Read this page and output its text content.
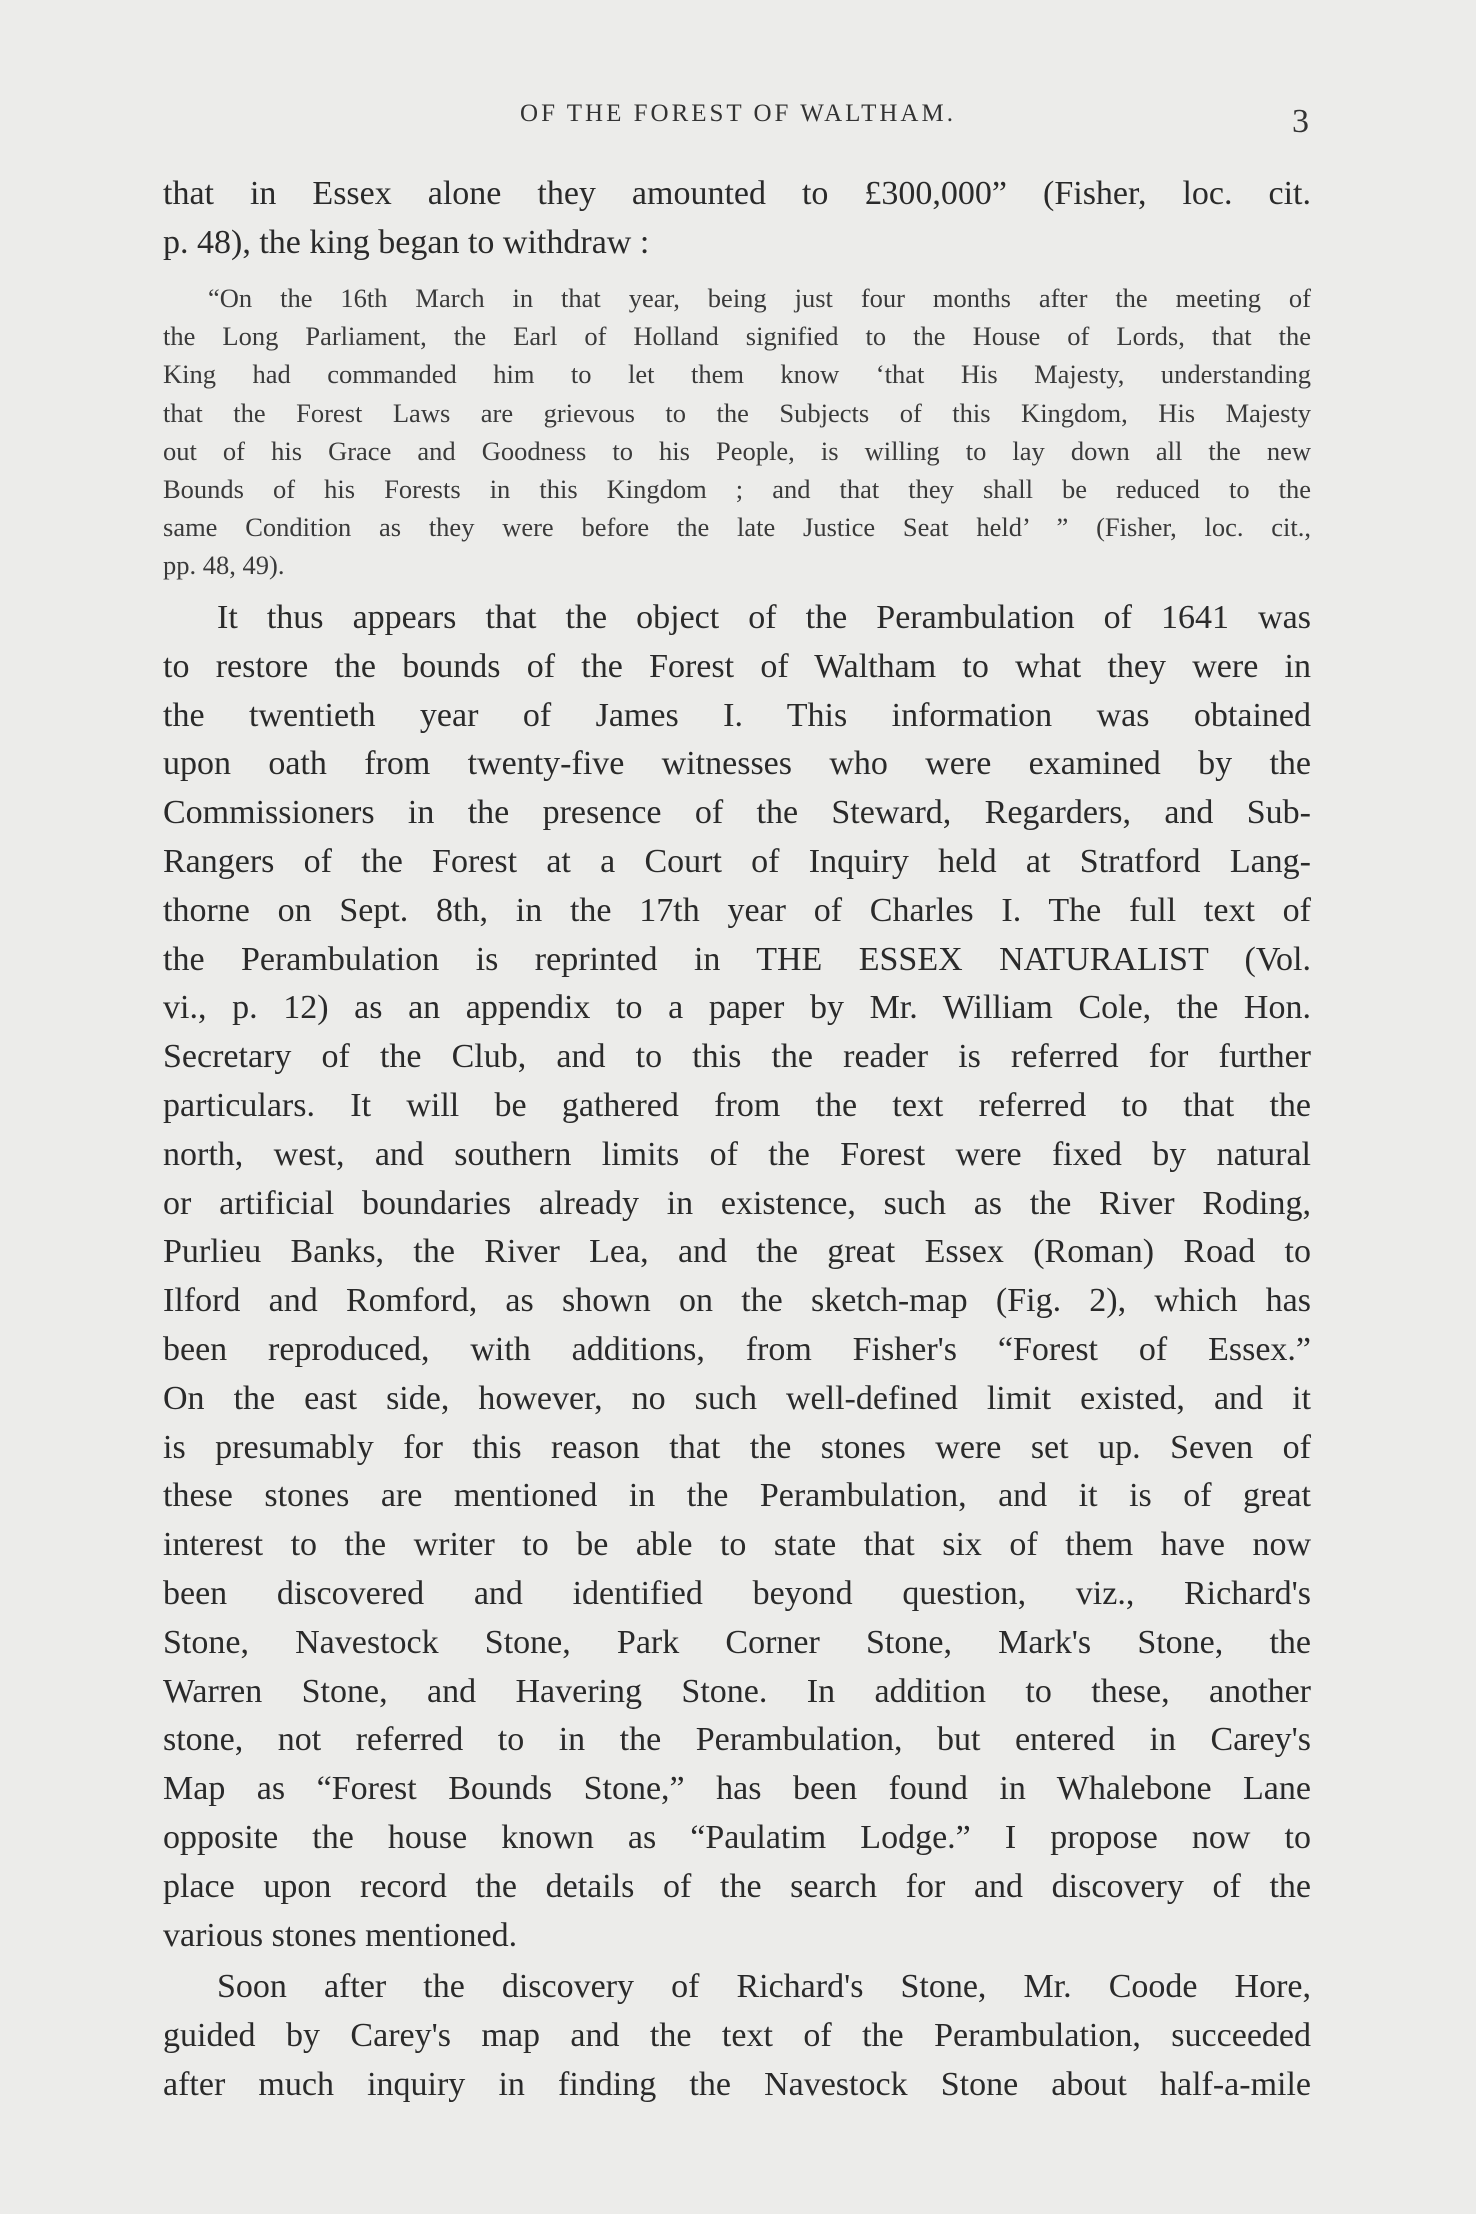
OF THE FOREST OF WALTHAM.	3
that in Essex alone they amounted to £300,000” (Fisher, loc. cit.
p. 48), the king began to withdraw :
“On the 16th March in that year, being just four months after the meeting of
the Long Parliament, the Earl of Holland signified to the House of Lords, that the
King had commanded him to let them know ‘that His Majesty, understanding
that the Forest Laws are grievous to the Subjects of this Kingdom, His Majesty
out of his Grace and Goodness to his People, is willing to lay down all the new
Bounds of his Forests in this Kingdom ; and that they shall be reduced to the
same Condition as they were before the late Justice Seat held’ ” (Fisher, loc. cit.,
pp. 48, 49).
It thus appears that the object of the Perambulation of 1641 was
to restore the bounds of the Forest of Waltham to what they were in
the twentieth year of James I. This information was obtained
upon oath from twenty-five witnesses who were examined by the
Commissioners in the presence of the Steward, Regarders, and Sub-
Rangers of the Forest at a Court of Inquiry held at Stratford Lang-
thorne on Sept. 8th, in the 17th year of Charles I. The full text of
the Perambulation is reprinted in THE ESSEX NATURALIST (Vol.
vi., p. 12) as an appendix to a paper by Mr. William Cole, the Hon.
Secretary of the Club, and to this the reader is referred for further
particulars. It will be gathered from the text referred to that the
north, west, and southern limits of the Forest were fixed by natural
or artificial boundaries already in existence, such as the River Roding,
Purlieu Banks, the River Lea, and the great Essex (Roman) Road to
Ilford and Romford, as shown on the sketch-map (Fig. 2), which has
been reproduced, with additions, from Fisher's “Forest of Essex.”
On the east side, however, no such well-defined limit existed, and it
is presumably for this reason that the stones were set up. Seven of
these stones are mentioned in the Perambulation, and it is of great
interest to the writer to be able to state that six of them have now
been discovered and identified beyond question, viz., Richard's
Stone, Navestock Stone, Park Corner Stone, Mark's Stone, the
Warren Stone, and Havering Stone. In addition to these, another
stone, not referred to in the Perambulation, but entered in Carey's
Map as “Forest Bounds Stone,” has been found in Whalebone Lane
opposite the house known as “Paulatim Lodge.” I propose now to
place upon record the details of the search for and discovery of the
various stones mentioned.
Soon after the discovery of Richard's Stone, Mr. Coode Hore,
guided by Carey's map and the text of the Perambulation, succeeded
after much inquiry in finding the Navestock Stone about half-a-mile
